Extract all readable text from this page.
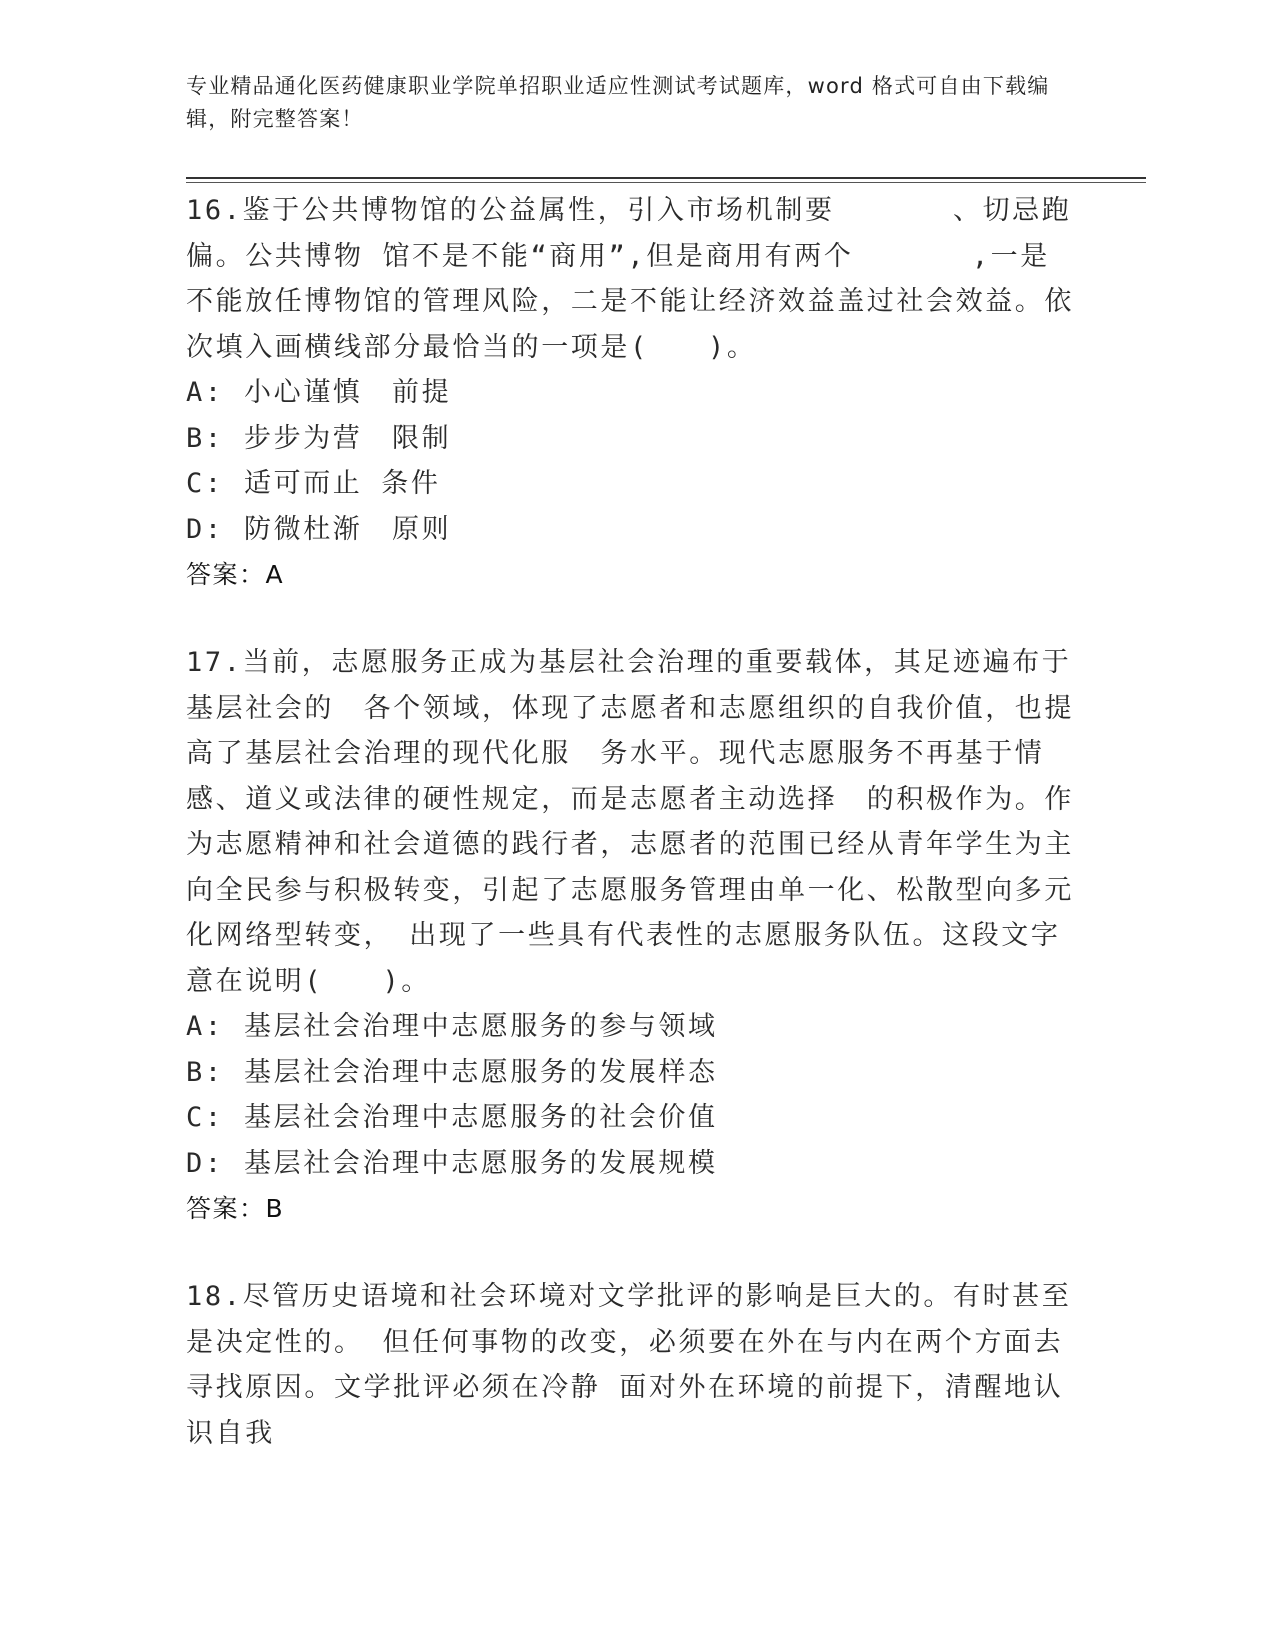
专业精品通化医药健康职业学院单招职业适应性测试考试题库，word 格式可自由下载编辑，附完整答案！

16.鉴于公共博物馆的公益属性，引入市场机制要　　　　、切忌跑偏。公共博物 馆不是不能“商用”,但是商用有两个　　　　,一是不能放任博物馆的管理风险，二是不能让经济效益盖过社会效益。依次填入画横线部分最恰当的一项是(　　)。

A: 小心谨慎　前提
B: 步步为营　限制
C: 适可而止 条件
D: 防微杜渐　原则

答案：A

17.当前，志愿服务正成为基层社会治理的重要载体，其足迹遍布于基层社会的　各个领域，体现了志愿者和志愿组织的自我价值，也提高了基层社会治理的现代化服　务水平。现代志愿服务不再基于情感、道义或法律的硬性规定，而是志愿者主动选择　的积极作为。作为志愿精神和社会道德的践行者，志愿者的范围已经从青年学生为主　向全民参与积极转变，引起了志愿服务管理由单一化、松散型向多元化网络型转变，　出现了一些具有代表性的志愿服务队伍。这段文字意在说明(　　)。

A: 基层社会治理中志愿服务的参与领域
B: 基层社会治理中志愿服务的发展样态
C: 基层社会治理中志愿服务的社会价值
D: 基层社会治理中志愿服务的发展规模

答案：B

18.尽管历史语境和社会环境对文学批评的影响是巨大的。有时甚至是决定性的。 但任何事物的改变，必须要在外在与内在两个方面去寻找原因。文学批评必须在冷静 面对外在环境的前提下，清醒地认识自我
